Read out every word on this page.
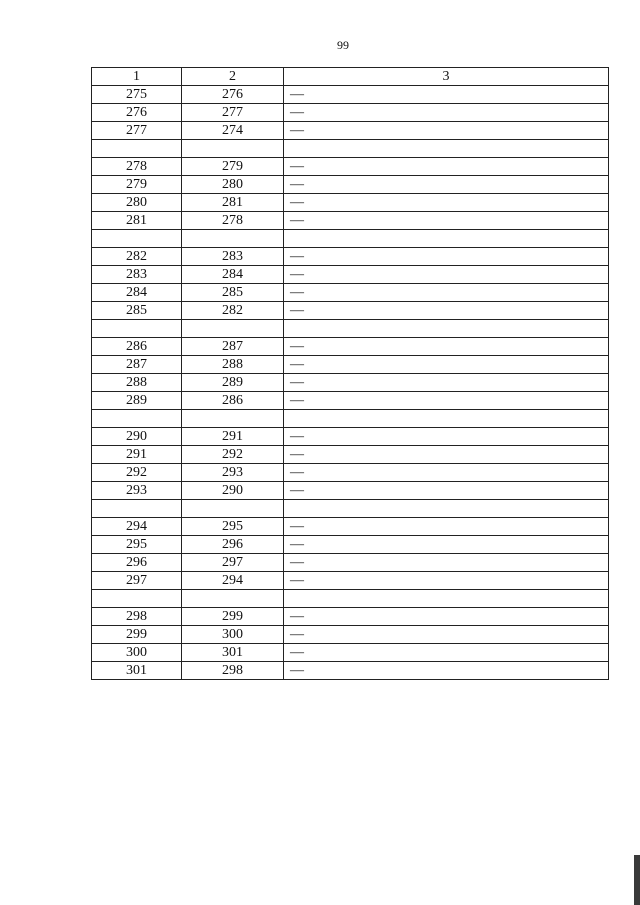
99
1	2	3
275	276	—
276	277	—
277	274	—

278	279	—
279	280	—
280	281	—
281	278	—

282	283	—
283	284	—
284	285	—
285	282	—

286	287	—
287	288	—
288	289	—
289	286	—

290	291	—
291	292	—
292	293	—
293	290	—

294	295	—
295	296	—
296	297	—
297	294	—

298	299	—
299	300	—
300	301	—
301	298	—
